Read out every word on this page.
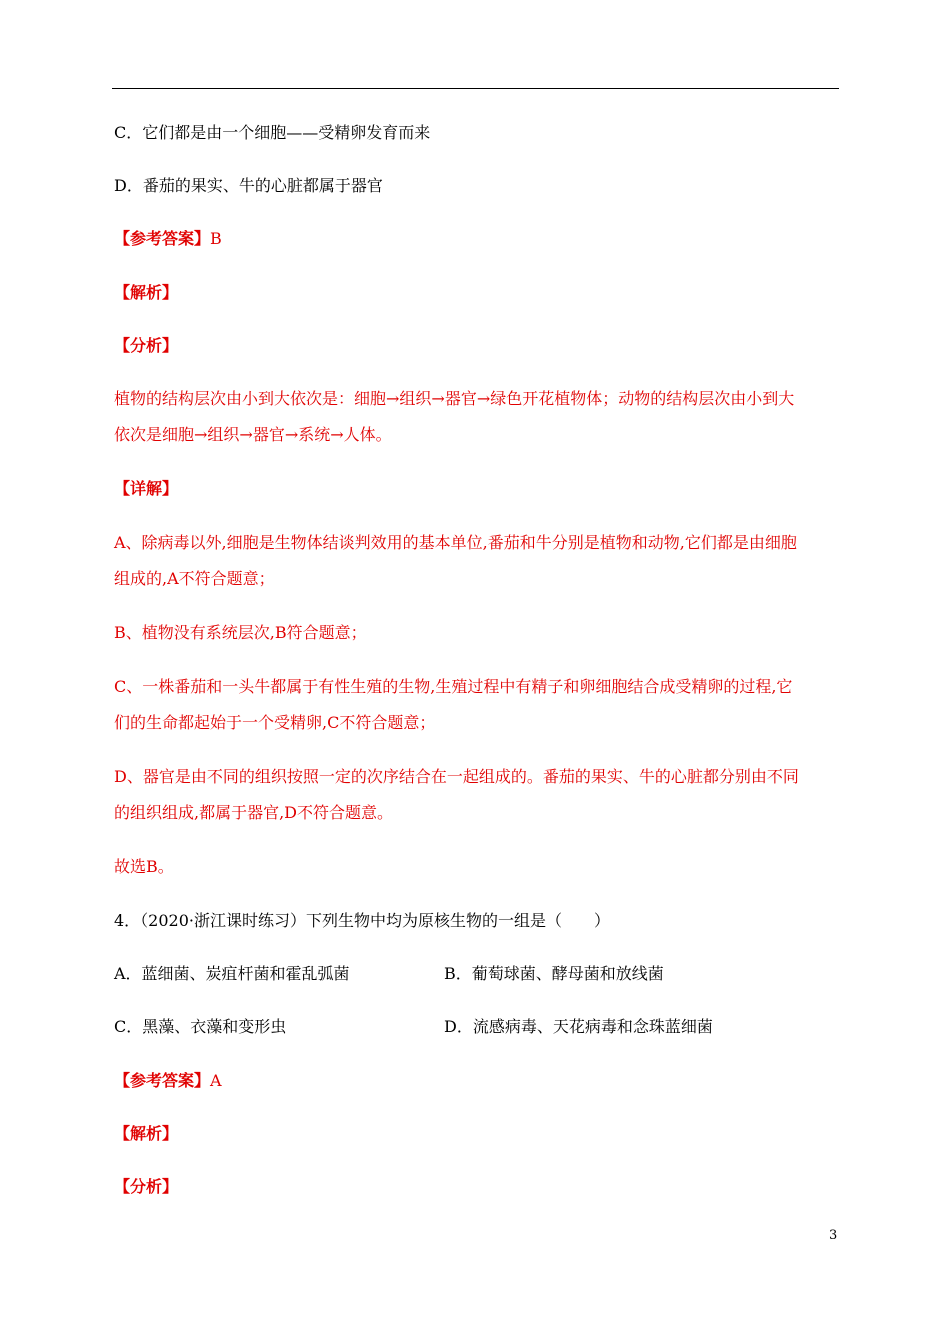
C．它们都是由一个细胞——受精卵发育而来
D．番茄的果实、牛的心脏都属于器官
【参考答案】B
【解析】
【分析】
植物的结构层次由小到大依次是：细胞→组织→器官→绿色开花植物体；动物的结构层次由小到大
依次是细胞→组织→器官→系统→人体。
【详解】
A、除病毒以外,细胞是生物体结谈判效用的基本单位,番茄和牛分别是植物和动物,它们都是由细胞
组成的,A不符合题意；
B、植物没有系统层次,B符合题意；
C、一株番茄和一头牛都属于有性生殖的生物,生殖过程中有精子和卵细胞结合成受精卵的过程,它
们的生命都起始于一个受精卵,C不符合题意；
D、器官是由不同的组织按照一定的次序结合在一起组成的。番茄的果实、牛的心脏都分别由不同
的组织组成,都属于器官,D不符合题意。
故选B。
4．（2020·浙江课时练习）下列生物中均为原核生物的一组是（　　）
A．蓝细菌、炭疽杆菌和霍乱弧菌	B．葡萄球菌、酵母菌和放线菌
C．黑藻、衣藻和变形虫	D．流感病毒、天花病毒和念珠蓝细菌
【参考答案】A
【解析】
【分析】
3
